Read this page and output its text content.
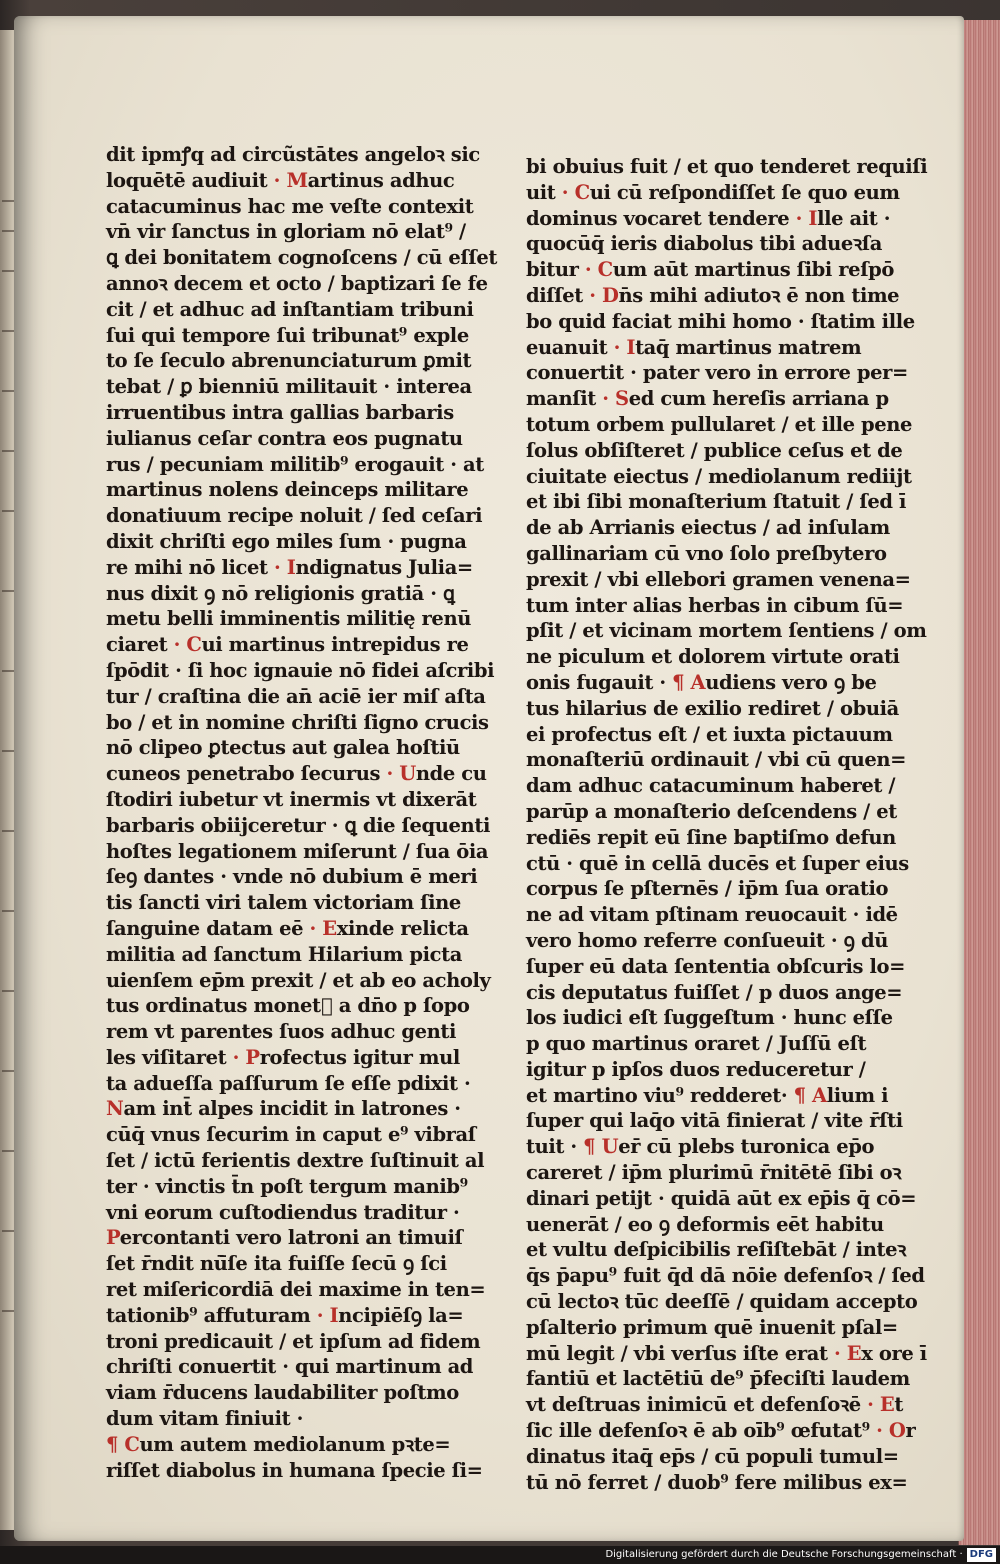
dit ipmꝭq ad circũstātes angeloꝛ sic
loquētē audiuit · Martinus adhuc
catacuminus hac me veſte contexit
vn̄ vir ſanctus in gloriam nō elat⁹ /
ꝗ dei bonitatem cognoſcens / cū eſſet
annoꝛ decem et octo / baptizari ſe fe
cit / et adhuc ad inſtantiam tribuni
ſui qui tempore ſui tribunat⁹ exple
to ſe ſeculo abrenunciaturum ꝑmit
tebat / ꝑ bienniū militauit · interea
irruentibus intra gallias barbaris
iulianus ceſar contra eos pugnatu
rus / pecuniam militib⁹ erogauit · at
martinus nolens deinceps militare
donatiuum recipe noluit / ſed ceſari
dixit chriſti ego miles ſum · pugna
re mihi nō licet · Indignatus Julia=
nus dixit ꝯ nō religionis gratiā · ꝗ
metu belli imminentis militię renū
ciaret · Cui martinus intrepidus re
ſpōdit · ſi hoc ignauie nō fidei aſcribi
tur / craſtina die an̄ aciē ier miſ aſta
bo / et in nomine chriſti ſigno crucis
nō clipeo ꝑtectus aut galea hoſtiū
cuneos penetrabo ſecurus · Unde cu
ſtodiri iubetur vt inermis vt dixerāt
barbaris obiĳceretur · ꝗ die ſequenti
hoſtes legationem miſerunt / ſua ōia
ſeꝯ dantes · vnde nō dubium ē meri
tis ſancti viri talem victoriam ſine
ſanguine datam eē · Exinde relicta
militia ad ſanctum Hilarium picta
uienſem ep̄m prexit / et ab eo acholy
tus ordinatus monet᷒ a dn̄o p ſopo
rem vt parentes ſuos adhuc genti
les viſitaret · Profectus igitur mul
ta adueſſa paſſurum ſe eſſe pdixit ·
Nam int̄ alpes incidit in latrones ·
cūq̄ vnus ſecurim in caput e⁹ vibraſ
ſet / ictū ferientis dextre ſuſtinuit al
ter · vinctis t̄n poſt tergum manib⁹
vni eorum cuſtodiendus traditur ·
Percontanti vero latroni an timuiſ
ſet r̄ndit nū̄ſe ita fuiſſe ſecū ꝯ ſci
ret miſericordiā dei maxime in ten=
tationib⁹ affuturam · Incipiēſꝯ la=
troni predicauit / et ipſum ad fidem
chriſti conuertit · qui martinum ad
viam r̄ducens laudabiliter poſtmo
dum vitam finiuit ·
¶ Cum autem mediolanum pꝛte=
riſſet diabolus in humana ſpecie ſi=
bi obuius fuit / et quo tenderet requiſi
uit · Cui cū reſpondiſſet ſe quo eum
dominus vocaret tendere · Ille ait ·
quocūq̄ ieris diabolus tibi adueꝛſa
bitur · Cum aūt martinus ſibi reſpō
diſſet · Dn̄s mihi adiutoꝛ ē non time
bo quid faciat mihi homo · ſtatim ille
euanuit · Itaq̄ martinus matrem
conuertit · pater vero in errore per=
manſit · Sed cum hereſis arriana p
totum orbem pullularet / et ille pene
ſolus obſiſteret / publice ceſus et de
ciuitate eiectus / mediolanum rediĳt
et ibi ſibi monaſterium ſtatuit / ſed ī
de ab Arrianis eiectus / ad inſulam
gallinariam cū vno ſolo preſbytero
prexit / vbi ellebori gramen venena=
tum inter alias herbas in cibum ſū=
pſit / et vicinam mortem ſentiens / om
ne piculum et dolorem virtute orati
onis fugauit · ¶ Audiens vero ꝯ be
tus hilarius de exilio rediret / obuiā
ei profectus eſt / et iuxta pictauum
monaſteriū ordinauit / vbi cū quen=
dam adhuc catacuminum haberet /
parūp a monaſterio deſcendens / et
rediēs repit eū ſine baptiſmo defun
ctū · quē in cellā ducēs et ſuper eius
corpus ſe pſternēs / ip̄m ſua oratio
ne ad vitam pſtinam reuocauit · idē
vero homo referre conſueuit · ꝯ dū
ſuper eū data ſententia obſcuris lo=
cis deputatus fuiſſet / p duos ange=
los iudici eſt ſuggeſtum · hunc eſſe
p quo martinus oraret / Juſſū eſt
igitur p ipſos duos reduceretur /
et martino viu⁹ redderet· ¶ Alium i
ſuper qui laq̄o vitā finierat / vite r̄ſti
tuit · ¶ Uer̄ cū plebs turonica ep̄o
careret / ip̄m plurimū r̄nitētē ſibi oꝛ
dinari petijt · quidā aūt ex ep̄is q̄ cō=
uenerāt / eo ꝯ deformis eēt habitu
et vultu deſpicibilis reſiſtebāt / inteꝛ
q̄s p̄apu⁹ fuit q̄d dā nōie defenſoꝛ / ſed
cū lectoꝛ tūc deeſſē / quidam accepto
pſalterio primum quē inuenit pſal=
mū legit / vbi verſus iſte erat · Ex ore ī
fantiū et lactētiū de⁹ p̄feciſti laudem
vt deſtruas inimicū et defenſoꝛē · Et
ſic ille defenſoꝛ ē ab oīb⁹ œfutat⁹ · Or
dinatus itaq̄ ep̄s / cū populi tumul=
tū nō ferret / duob⁹ fere milibus ex=
Digitalisierung gefördert durch die Deutsche Forschungsgemeinschaft · DFG
